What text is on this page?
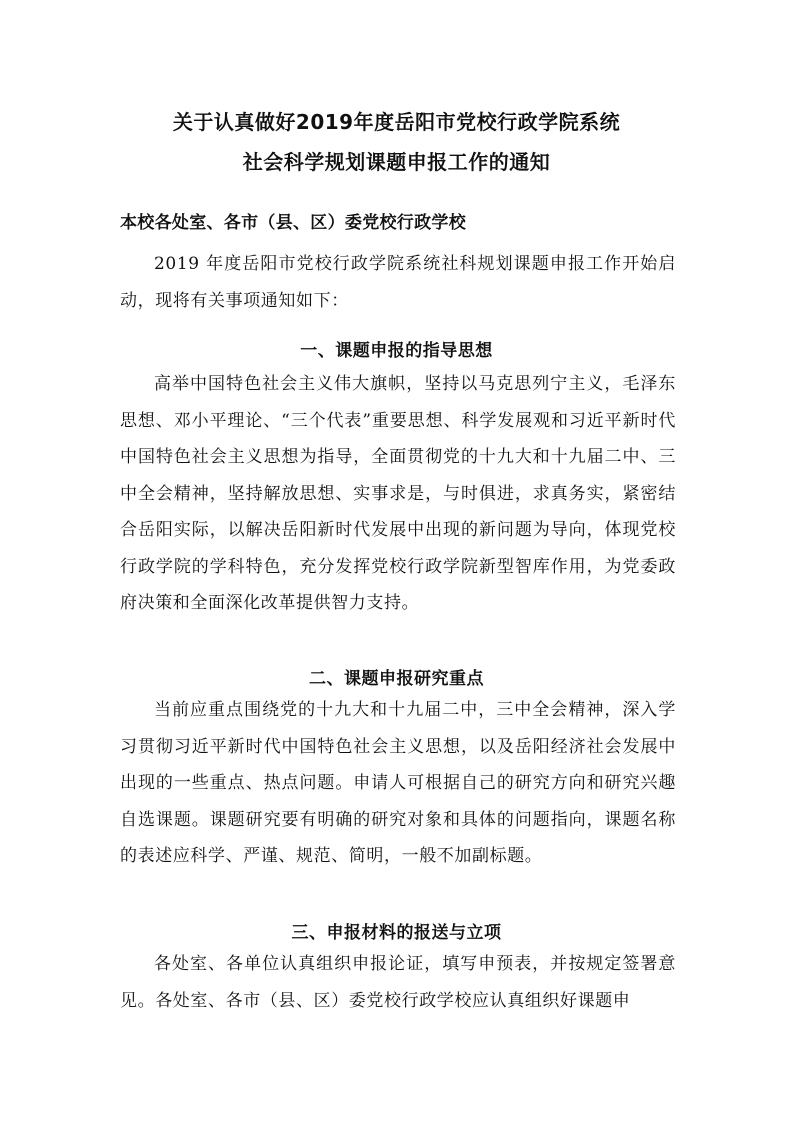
关于认真做好2019年度岳阳市党校行政学院系统
社会科学规划课题申报工作的通知
本校各处室、各市（县、区）委党校行政学校
2019 年度岳阳市党校行政学院系统社科规划课题申报工作开始启动，现将有关事项通知如下：
一、课题申报的指导思想
高举中国特色社会主义伟大旗帜，坚持以马克思列宁主义，毛泽东思想、邓小平理论、“三个代表”重要思想、科学发展观和习近平新时代中国特色社会主义思想为指导，全面贯彻党的十九大和十九届二中、三中全会精神，坚持解放思想、实事求是，与时俱进，求真务实，紧密结合岳阳实际，以解决岳阳新时代发展中出现的新问题为导向，体现党校行政学院的学科特色，充分发挥党校行政学院新型智库作用，为党委政府决策和全面深化改革提供智力支持。
二、课题申报研究重点
当前应重点围绕党的十九大和十九届二中，三中全会精神，深入学习贯彻习近平新时代中国特色社会主义思想，以及岳阳经济社会发展中出现的一些重点、热点问题。申请人可根据自己的研究方向和研究兴趣自选课题。课题研究要有明确的研究对象和具体的问题指向，课题名称的表述应科学、严谨、规范、简明，一般不加副标题。
三、申报材料的报送与立项
各处室、各单位认真组织申报论证，填写申预表，并按规定签署意见。各处室、各市（县、区）委党校行政学校应认真组织好课题申
